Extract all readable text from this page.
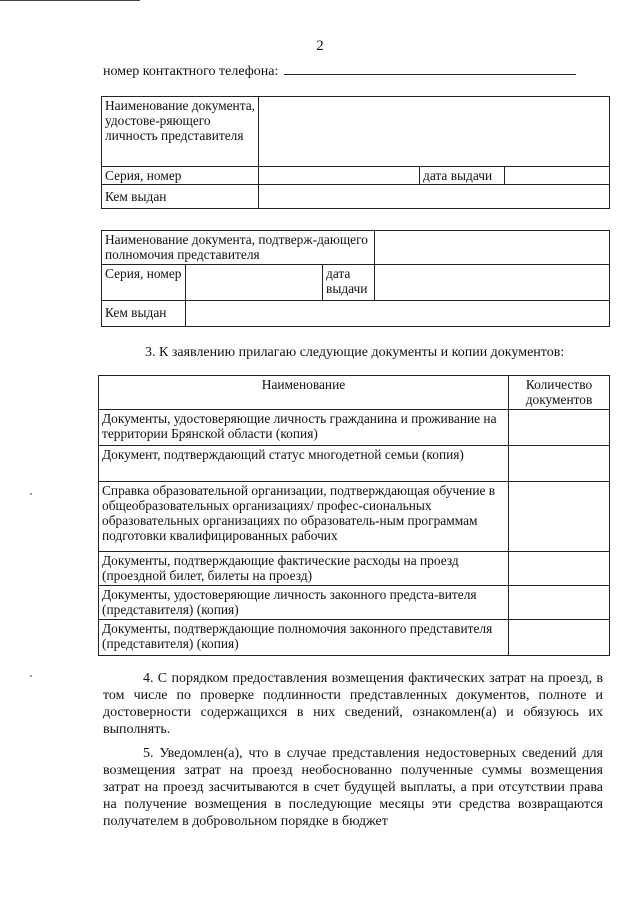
2
номер контактного телефона:
Наименование документа, удостове-ряющего личность представителя			
Серия, номер		дата выдачи	
Кем выдан			
Наименование документа, подтверж-дающего полномочия представителя			
Серия, номер		дата выдачи	
Кем выдан			
3. К заявлению прилагаю следующие документы и копии документов:
Наименование	Количество документов
Документы, удостоверяющие личность гражданина и проживание на территории Брянской области (копия)	
Документ, подтверждающий статус многодетной семьи (копия)	
Справка образовательной организации, подтверждающая обучение в общеобразовательных организациях/ профес-сиональных образовательных организациях по образователь-ным программам подготовки квалифицированных рабочих	
Документы, подтверждающие фактические расходы на проезд (проездной билет, билеты на проезд)	
Документы, удостоверяющие личность законного предста-вителя (представителя) (копия)	
Документы, подтверждающие полномочия законного представителя (представителя) (копия)	

4. С порядком предоставления возмещения фактических затрат на проезд, в том числе по проверке подлинности представленных документов, полноте и достоверности содержащихся в них сведений, ознакомлен(а) и обязуюсь их выполнять.

5. Уведомлен(а), что в случае представления недостоверных сведений для возмещения затрат на проезд необоснованно полученные суммы возмещения затрат на проезд засчитываются в счет будущей выплаты, а при отсутствии права на получение возмещения в последующие месяцы эти средства возвращаются получателем в добровольном порядке в бюджет
